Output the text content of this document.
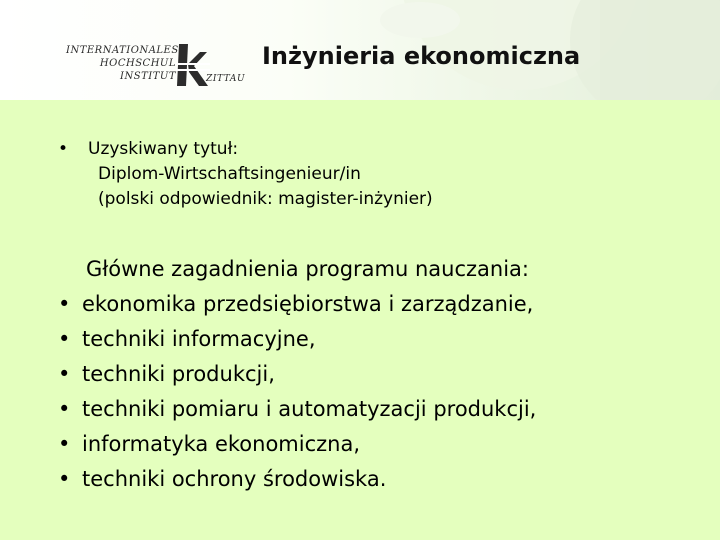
INTERNATIONALES
HOCHSCHUL
INSTITUT	ZITTAU
Inżynieria ekonomiczna
• Uzyskiwany tytuł:
Diplom-Wirtschaftsingenieur/in
(polski odpowiednik: magister-inżynier)
Główne zagadnienia programu nauczania:
• ekonomika przedsiębiorstwa i zarządzanie,
• techniki informacyjne,
• techniki produkcji,
• techniki pomiaru i automatyzacji produkcji,
• informatyka ekonomiczna,
• techniki ochrony środowiska.
